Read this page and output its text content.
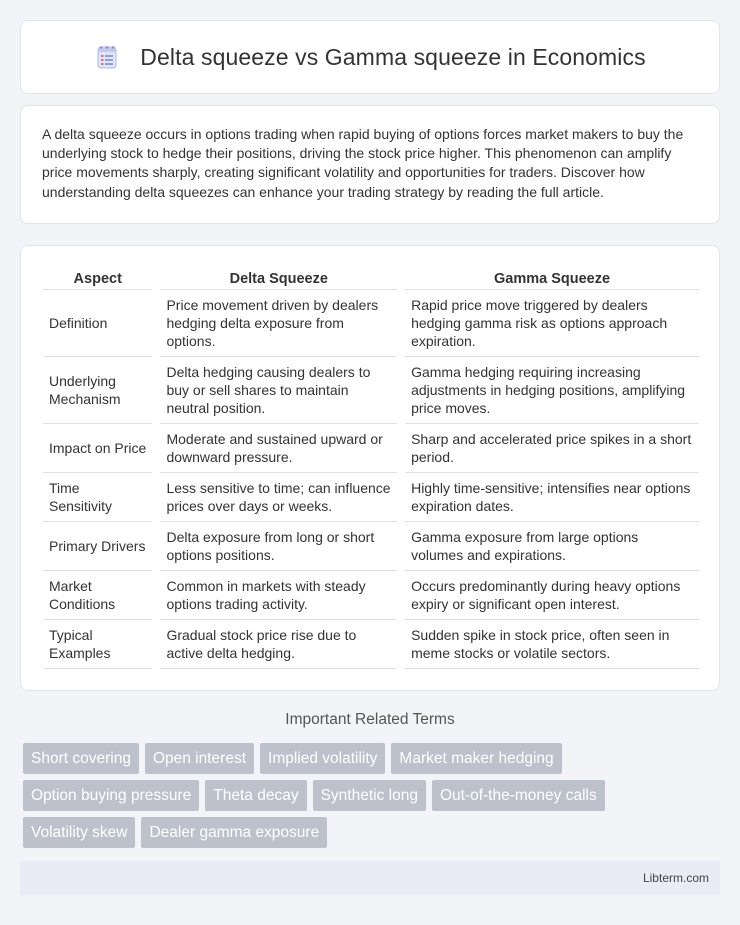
Delta squeeze vs Gamma squeeze in Economics

A delta squeeze occurs in options trading when rapid buying of options forces market makers to buy the underlying stock to hedge their positions, driving the stock price higher. This phenomenon can amplify price movements sharply, creating significant volatility and opportunities for traders. Discover how understanding delta squeezes can enhance your trading strategy by reading the full article.

Aspect		Delta Squeeze		Gamma Squeeze
Definition		Price movement driven by dealers hedging delta exposure from options.		Rapid price move triggered by dealers hedging gamma risk as options approach expiration.
Underlying Mechanism		Delta hedging causing dealers to buy or sell shares to maintain neutral position.		Gamma hedging requiring increasing adjustments in hedging positions, amplifying price moves.
Impact on Price		Moderate and sustained upward or downward pressure.		Sharp and accelerated price spikes in a short period.
Time Sensitivity		Less sensitive to time; can influence prices over days or weeks.		Highly time-sensitive; intensifies near options expiration dates.
Primary Drivers		Delta exposure from long or short options positions.		Gamma exposure from large options volumes and expirations.
Market Conditions		Common in markets with steady options trading activity.		Occurs predominantly during heavy options expiry or significant open interest.
Typical Examples		Gradual stock price rise due to active delta hedging.		Sudden spike in stock price, often seen in meme stocks or volatile sectors.
Important Related Terms
Short covering	Open interest	Implied volatility	Market maker hedging
Option buying pressure	Theta decay	Synthetic long	Out-of-the-money calls
Volatility skew	Dealer gamma exposure
Libterm.com
